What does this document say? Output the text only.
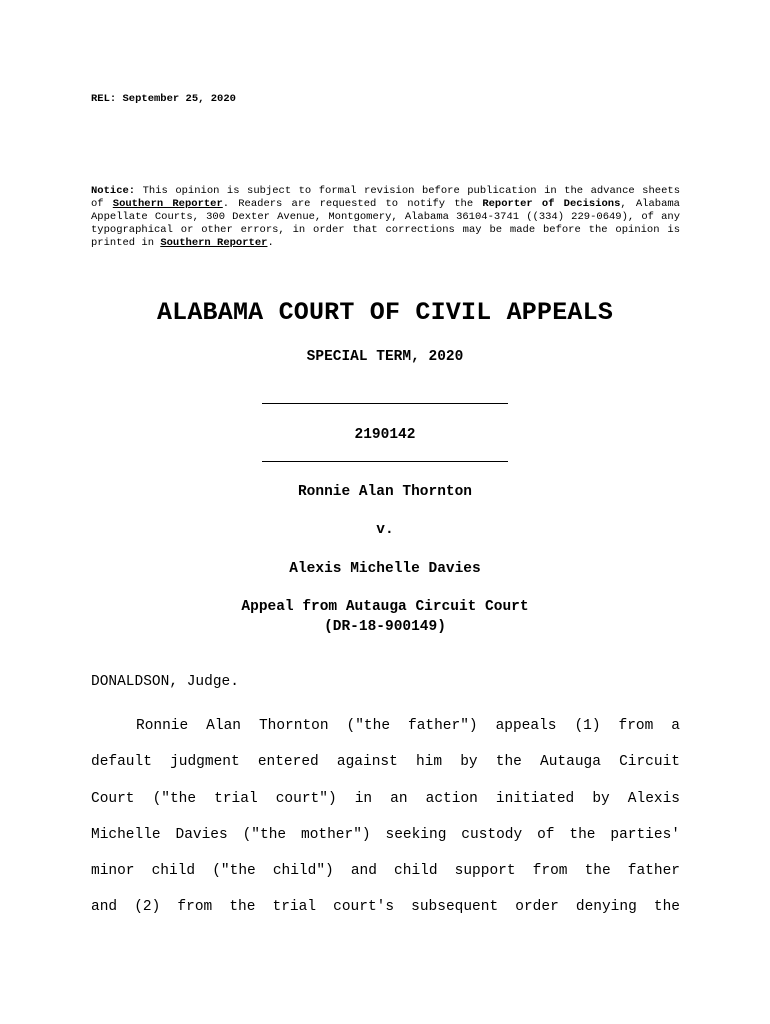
REL: September 25, 2020
Notice: This opinion is subject to formal revision before publication in the advance sheets of Southern Reporter. Readers are requested to notify the Reporter of Decisions, Alabama Appellate Courts, 300 Dexter Avenue, Montgomery, Alabama 36104-3741 ((334) 229-0649), of any typographical or other errors, in order that corrections may be made before the opinion is printed in Southern Reporter.
ALABAMA COURT OF CIVIL APPEALS
SPECIAL TERM, 2020
2190142
Ronnie Alan Thornton
v.
Alexis Michelle Davies
Appeal from Autauga Circuit Court
(DR-18-900149)
DONALDSON, Judge.
Ronnie Alan Thornton ("the father") appeals (1) from a
default judgment entered against him by the Autauga Circuit
Court ("the trial court") in an action initiated by Alexis
Michelle Davies ("the mother") seeking custody of the parties'
minor child ("the child") and child support from the father
and (2) from the trial court's subsequent order denying the
